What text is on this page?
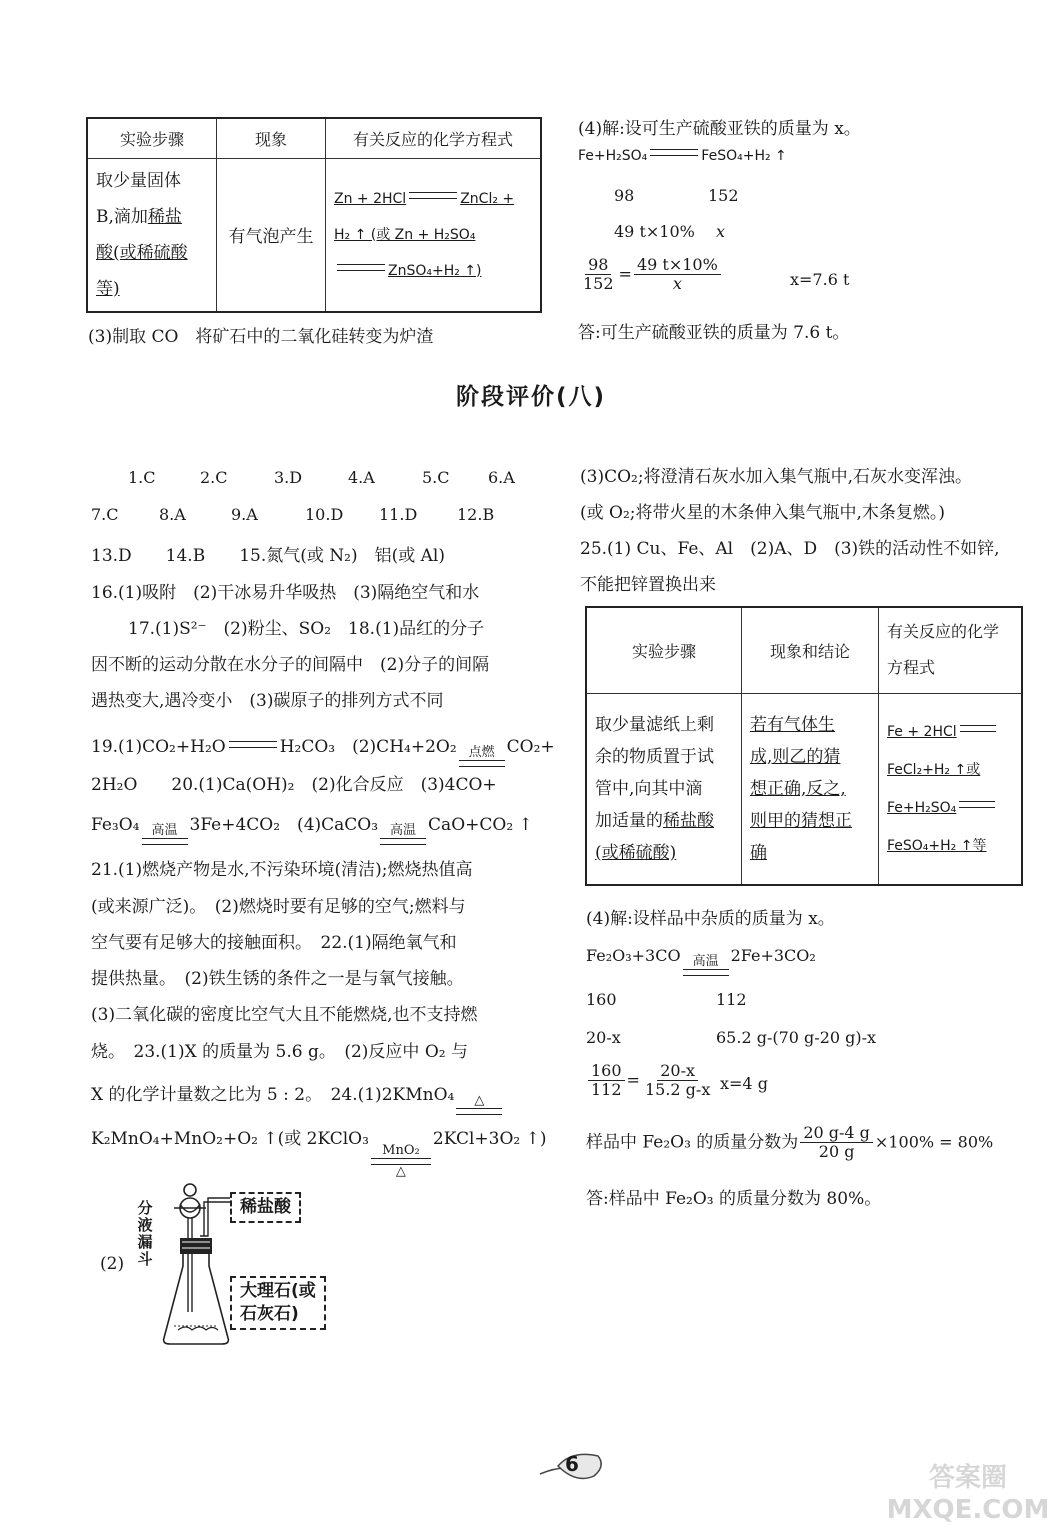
实验步骤	现象	有关反应的化学方程式
取少量固体
B,滴加稀盐
酸(或稀硫酸
等)	有气泡产生	Zn + 2HCl ZnCl₂ +
H₂ ↑ (或 Zn + H₂SO₄
ZnSO₄+H₂ ↑)
(3)制取 CO　将矿石中的二氧化硅转变为炉渣
(4)解:设可生产硫酸亚铁的质量为 x。
Fe+H₂SO₄	FeSO₄+H₂ ↑
98	152
49 t×10% x
$\frac{98}{152} = \frac{49 t\times 10\%}{x}$	x=7.6 t
答:可生产硫酸亚铁的质量为 7.6 t。
阶段评价(八)
1.C	2.C	3.D	4.A	5.C 6.A
7.C	8.A	9.A	10.D 11.D 12.B
13.D　　14.B　　15.氮气(或 N₂)　铝(或 Al)
16.(1)吸附　(2)干冰易升华吸热　(3)隔绝空气和水
17.(1)S²⁻　(2)粉尘、SO₂　18.(1)品红的分子
因不断的运动分散在水分子的间隔中　(2)分子的间隔
遇热变大,遇冷变小　(3)碳原子的排列方式不同
19.(1)CO₂+H₂O	H₂CO₃　(2)CH₄+2O₂ 点燃 CO₂+
2H₂O　　20.(1)Ca(OH)₂　(2)化合反应　(3)4CO+
Fe₃O₄ 高温 3Fe+4CO₂　(4)CaCO₃ 高温 CaO+CO₂ ↑
21.(1)燃烧产物是水,不污染环境(清洁);燃烧热值高
(或来源广泛)。　(2)燃烧时要有足够的空气;燃料与
空气要有足够大的接触面积。　22.(1)隔绝氧气和
提供热量。　(2)铁生锈的条件之一是与氧气接触。
(3)二氧化碳的密度比空气大且不能燃烧,也不支持燃
烧。　23.(1)X 的质量为 5.6 g。　(2)反应中 O₂ 与
X 的化学计量数之比为 5 : 2。　24.(1)2KMnO₄ △
K₂MnO₄+MnO₂+O₂ ↑(或 2KClO₃
MnO₂
△
2KCl+3O₂ ↑)
(2)
分
液
漏
斗
稀盐酸
大理石(或石灰石)
(3)CO₂;将澄清石灰水加入集气瓶中,石灰水变浑浊。
(或 O₂;将带火星的木条伸入集气瓶中,木条复燃。)
25.(1) Cu、Fe、Al　(2)A、D　(3)铁的活动性不如锌,
不能把锌置换出来
实验步骤	现象和结论	有关反应的化学方程式
取少量滤纸上剩
余的物质置于试
管中,向其中滴
加适量的稀盐酸
(或稀硫酸)	若有气体生
成,则乙的猜
想正确,反之,
则甲的猜想正
确	Fe + 2HCl
FeCl₂+H₂ ↑或
Fe+H₂SO₄
FeSO₄+H₂ ↑等
(4)解:设样品中杂质的质量为 x。
Fe₂O₃+3CO 高温 2Fe+3CO₂
160	112
20-x	65.2 g-(70 g-20 g)-x
$\frac{160}{112} = \frac{20-x}{15.2 g-x} x=4$ g
样品中 Fe₂O₃ 的质量分数为 $\frac{20 g-4 g}{20 g} \times 100\% = 80\%$
答:样品中 Fe₂O₃ 的质量分数为 80%。
6	答案圈 MXQE.COM
